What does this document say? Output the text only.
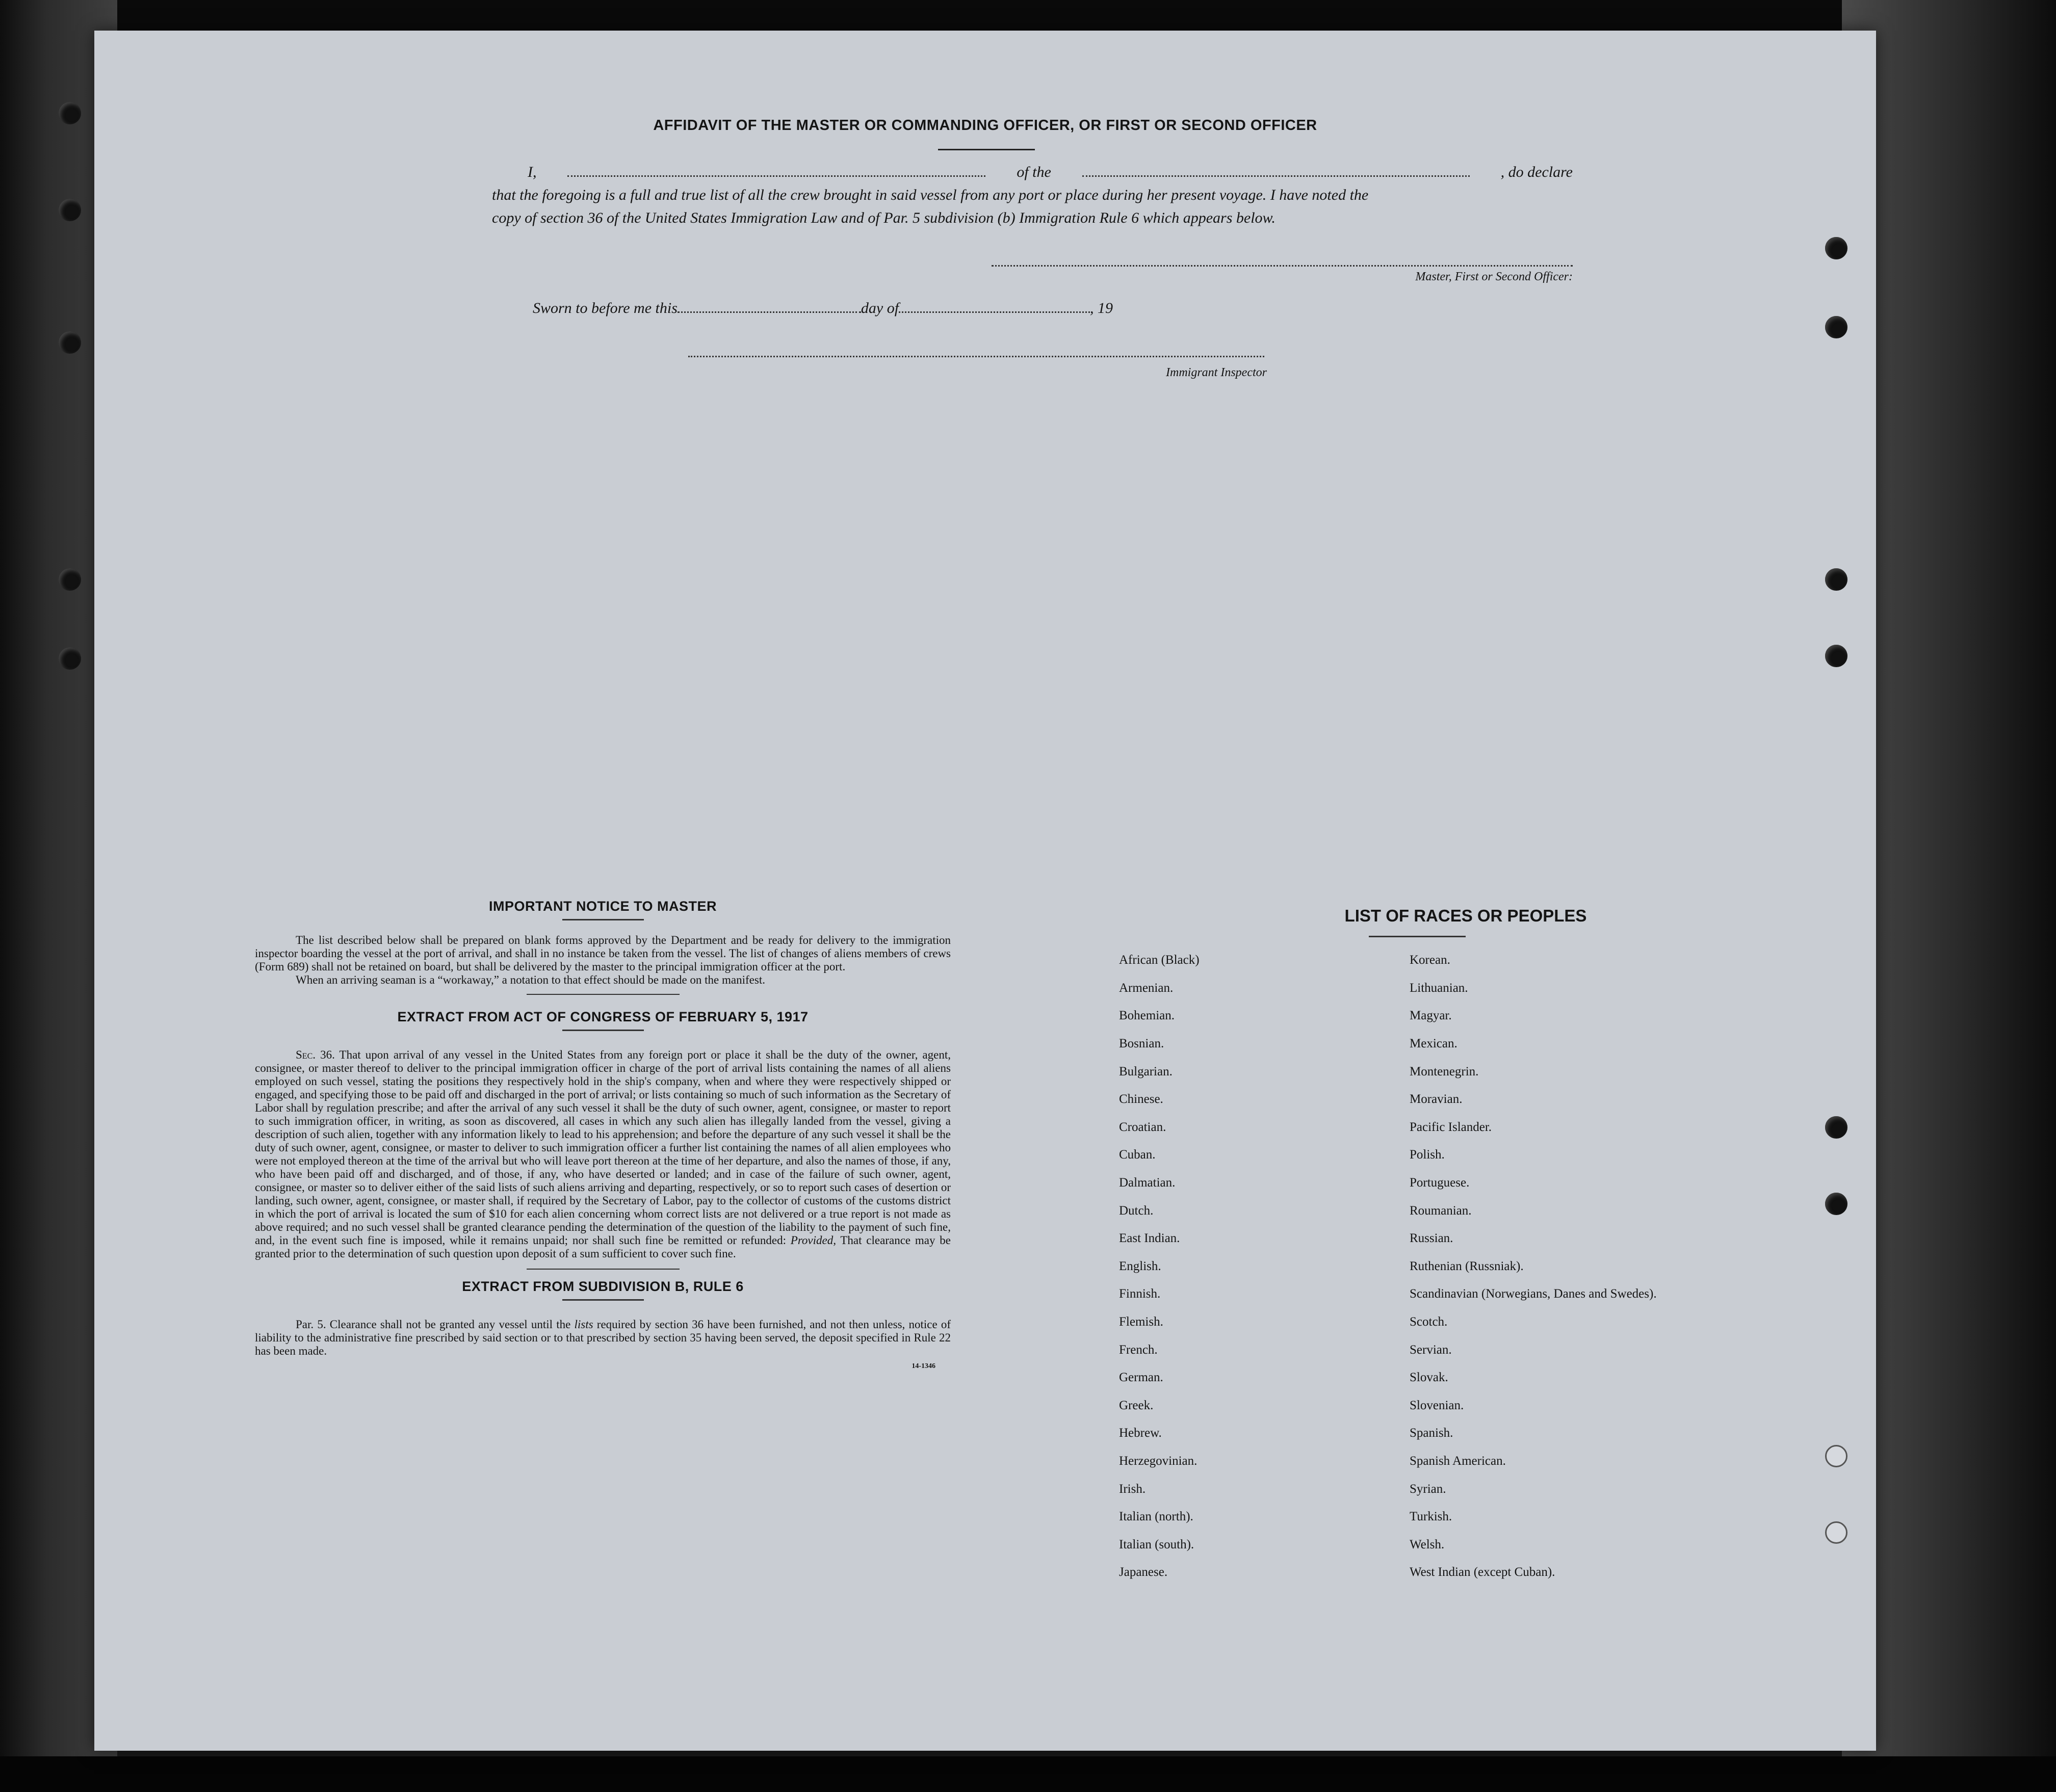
AFFIDAVIT OF THE MASTER OR COMMANDING OFFICER, OR FIRST OR SECOND OFFICER
I,	of the	, do declare
that the foregoing is a full and true list of all the crew brought in said vessel from any port or place during her present voyage. I have noted the
copy of section 36 of the United States Immigration Law and of Par. 5 subdivision (b) Immigration Rule 6 which appears below.
Master, First or Second Officer:
Sworn to before me this	day of	, 19
Immigrant Inspector
IMPORTANT NOTICE TO MASTER

The list described below shall be prepared on blank forms approved by the Department and be ready for delivery to the immigration inspector boarding the vessel at the port of arrival, and shall in no instance be taken from the vessel. The list of changes of aliens members of crews (Form 689) shall not be retained on board, but shall be delivered by the master to the principal immigration officer at the port.

When an arriving seaman is a “workaway,” a notation to that effect should be made on the manifest.

EXTRACT FROM ACT OF CONGRESS OF FEBRUARY 5, 1917

Sec. 36. That upon arrival of any vessel in the United States from any foreign port or place it shall be the duty of the owner, agent, consignee, or master thereof to deliver to the principal immigration officer in charge of the port of arrival lists containing the names of all aliens employed on such vessel, stating the positions they respectively hold in the ship's company, when and where they were respectively shipped or engaged, and specifying those to be paid off and discharged in the port of arrival; or lists containing so much of such information as the Secretary of Labor shall by regulation prescribe; and after the arrival of any such vessel it shall be the duty of such owner, agent, consignee, or master to report to such immigration officer, in writing, as soon as discovered, all cases in which any such alien has illegally landed from the vessel, giving a description of such alien, together with any information likely to lead to his apprehension; and before the departure of any such vessel it shall be the duty of such owner, agent, consignee, or master to deliver to such immigration officer a further list containing the names of all alien employees who were not employed thereon at the time of the arrival but who will leave port thereon at the time of her departure, and also the names of those, if any, who have been paid off and discharged, and of those, if any, who have deserted or landed; and in case of the failure of such owner, agent, consignee, or master so to deliver either of the said lists of such aliens arriving and departing, respectively, or so to report such cases of desertion or landing, such owner, agent, consignee, or master shall, if required by the Secretary of Labor, pay to the collector of customs of the customs district in which the port of arrival is located the sum of $10 for each alien concerning whom correct lists are not delivered or a true report is not made as above required; and no such vessel shall be granted clearance pending the determination of the question of the liability to the payment of such fine, and, in the event such fine is imposed, while it remains unpaid; nor shall such fine be remitted or refunded: Provided, That clearance may be granted prior to the determination of such question upon deposit of a sum sufficient to cover such fine.

EXTRACT FROM SUBDIVISION B, RULE 6

Par. 5. Clearance shall not be granted any vessel until the lists required by section 36 have been furnished, and not then unless, notice of liability to the administrative fine prescribed by said section or to that prescribed by section 35 having been served, the deposit specified in Rule 22 has been made.

14-1346
LIST OF RACES OR PEOPLES
African (Black)	Korean.
Armenian.	Lithuanian.
Bohemian.	Magyar.
Bosnian.	Mexican.
Bulgarian.	Montenegrin.
Chinese.	Moravian.
Croatian.	Pacific Islander.
Cuban.	Polish.
Dalmatian.	Portuguese.
Dutch.	Roumanian.
East Indian.	Russian.
English.	Ruthenian (Russniak).
Finnish.	Scandinavian (Norwegians, Danes and Swedes).
Flemish.	Scotch.
French.	Servian.
German.	Slovak.
Greek.	Slovenian.
Hebrew.	Spanish.
Herzegovinian.	Spanish American.
Irish.	Syrian.
Italian (north).	Turkish.
Italian (south).	Welsh.
Japanese.	West Indian (except Cuban).
